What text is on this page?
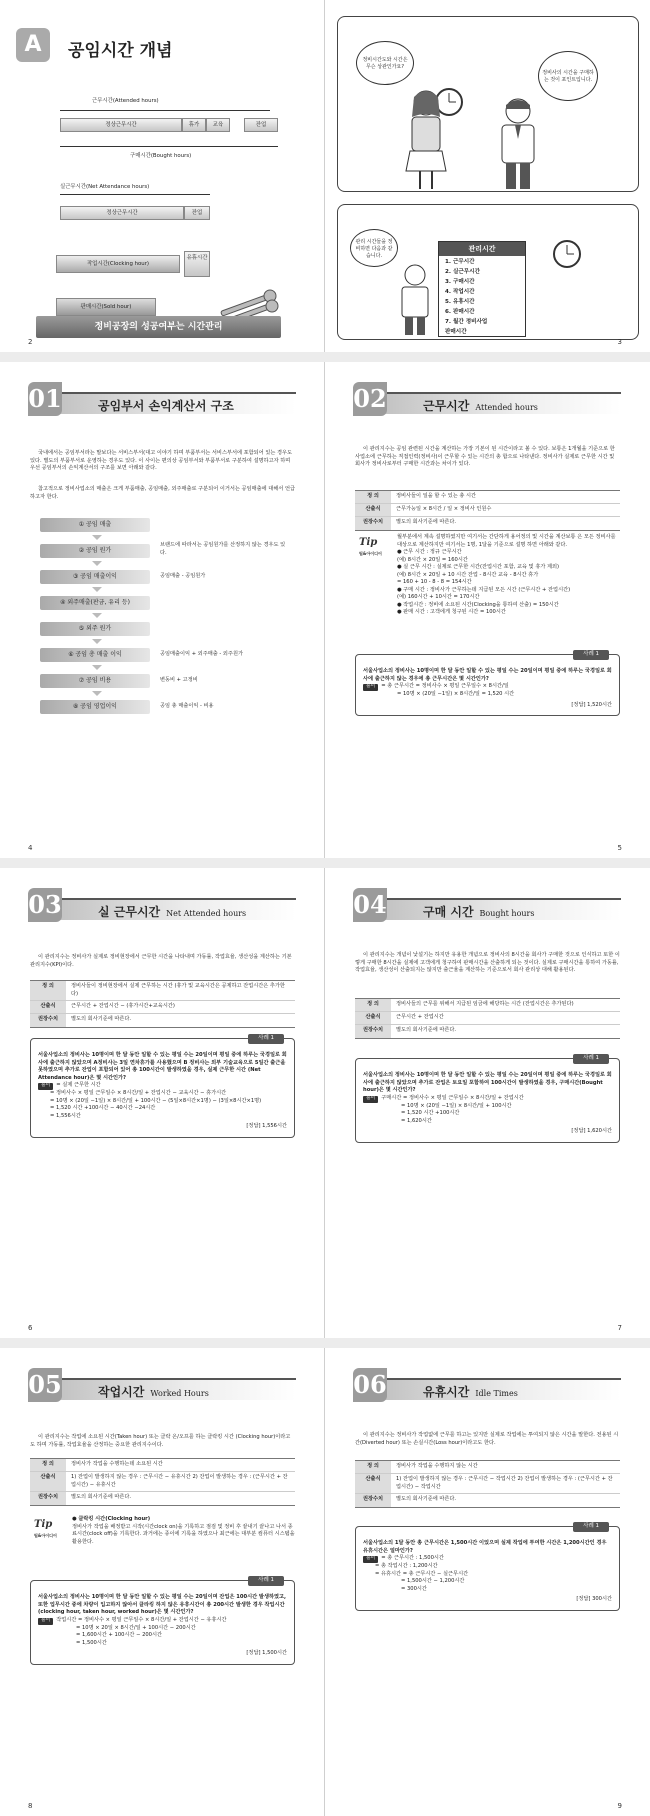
A	공임시간 개념
근무시간(Attended hours)
정상근무시간	휴가	교육	잔업
구매시간(Bought hours)
실근무시간(Net Attendance hours)
정상근무시간	잔업
작업시간(Clocking hour)
유휴시간
판매시간(Sold hour)
2
정비시간도와 시간은 무슨 상관인가요?
정비사의 시간을 구매하는 것이 포인트입니다.
관리 시간들을 정비하면 다음과 같습니다.
관리시간
1. 근무시간
2. 실근무시간
3. 구매시간
4. 작업시간
5. 유휴시간
6. 판매시간
7. 월간 정비사업
판매시간
3
정비공장의 성공여부는 시간관리
01	공임부서 손익계산서 구조
국내에서는 공임부서라는 말보다는 서비스부서(대고 이야기 하며 부품부서는 서비스부서에 포함되어 있는 경우도 있다. 별도의 부품부서로 운영하는 경우도 있다. 이 사이는 편의상 공임부서와 부품부서로 구분하여 설명하고자 하며 우선 공임부서의 손익계산서의 구조를 보면 아래와 같다.
참고적으로 정비사업소의 매출은 크게 부품매출, 공임매출, 외주매출로 구분되어 이거서는 공임매출에 대해서 언급하고자 한다.
① 공임 매출
② 공임 원가
브랜드에 따라서는 공임원가를 산정하지 않는 경우도 있다.
③ 공임 매출이익	공임매출 - 공임원가
④ 외주매출(판금, 유리 등)
⑤ 외주 원가
⑥ 공임 총 매출 이익	공임매출이익 + 외주매출 - 외주원가
⑦ 공임 비용	변동비 + 고정비
⑧ 공임 영업이익	공임 총 매출이익 - 비용
4
02	근무시간 Attended hours
이 관리지수는 공임 관련된 시간을 계산하는 가장 기본이 된 시간이라고 볼 수 있다. 보통은 1개월을 기준으로 한 사업소에 근무하는 직접인력(정비사)이 근무할 수 있는 시간의 총 합으로 나타낸다. 정비사가 실제로 근무한 시간 및 회사가 정비사로부터 구매한 시간과는 차이가 있다.
정 의	정비사들이 일을 할 수 있는 총 시간
산출식	근무가능일 × 8시간 / 일 × 정비사 인원수
권장수치	별도의 회사기준에 따른다.
Tip
팁&아이디어
월부분에서 계속 설명하였지만 여기서는 간단하게 용어정의 및 시간을 계산보통 은 모든 정비사를 대상으로 계산하지만 여기서는 1명, 1달을 기준으로 설명 하면 아래와 같다.
● 근무 시간 : 정규 근무시간
(예) 8시간 × 20일 = 160시간
● 실 근무 시간 : 실제로 근무한 시간(잔업시간 포함, 교육 및 휴가 제외)
(예) 8시간 × 20일 + 10 시간 잔업 - 8시간 교육 - 8시간 휴가
= 160 + 10 - 8 - 8 = 154시간
● 구매 시간 : 정비사가 근무하는데 지급된 모든 시간 (근무시간 + 잔업시간)
(예) 160시간 + 10시간 = 170시간
● 작업시간 : 정비에 소요된 시간(Clocking을 통하여 산출) = 150시간
● 판매 시간 : 고객에게 청구된 시간 = 100시간
사례 1
서울사업소의 정비사는 10명이며 한 달 동안 일할 수 있는 평일 수는 20일이며 평일 중에 하루는 국경일로 회사에 출근하지 않는 경우에 총 근무시간은 몇 시간인가?
풀이 = 총 근무시간 = 정비사수 × 평일 근무일수 × 8시간/일
= 10명 × (20일 −1일) × 8시간/일 = 1,520 시간
[정답] 1,520시간
5
03	실 근무시간 Net Attended hours
이 관리지수는 정비사가 실제로 정비현장에서 근무한 시간을 나타내며 가동률, 작업효율, 생산성을 계산하는 기본 관리지수(KPI)이다.
정 의	정비사들이 정비현장에서 실제 근무하는 시간 (휴가 및 교육시간은 공제하고 잔업시간은 추가한다)
산출식	근무시간 + 잔업시간 − (휴가시간+교육시간)
권장수치	별도의 회사기준에 따른다.
사례 1
서울사업소의 정비사는 10명이며 한 달 동안 일할 수 있는 평일 수는 20일이며 평일 중에 하루는 국경일로 회사에 출근하지 않았으며 A정비사는 3일 연차휴가를 사용했으며 B 정비사는 외부 기술교육으로 5일간 출근을 못하였으며 추가로 잔업이 포함되어 있어 총 100시간이 발생하였을 경우, 실제 근무한 시간 (Net Attendance hour)은 몇 시간인가?
풀이 = 실제 근무한 시간
= 정비사수 × 평일 근무일수 × 8시간/일 + 잔업시간 − 교육시간 − 휴가시간
= 10명 × (20일 −1일) × 8시간/일 + 100시간 − (5일×8시간×1명) − (3일×8시간×1명)
= 1,520 시간 +100시간 − 40시간 −24시간
= 1,556시간
[정답] 1,556시간
6
04	구매 시간 Bought hours
이 관리지수는 개념이 낯설기는 하지만 유용한 개념으로 정비사의 8시간을 회사가 구매한 것으로 인식하고 또한 이렇게 구매한 8시간을 실제에 고객에게 청구하여 판매시간을 산출하게 되는 것이다. 실제로 구매시간을 통하여 가동률, 작업효율, 생산성이 산출되지는 않지만 출근율을 계산하는 기준으로서 회사 관리상 대해 활용된다.
정 의	정비사들의 근무를 위해서 지급된 임금에 해당하는 시간 (잔업시간은 추가된다)
산출식	근무시간 + 잔업시간
권장수치	별도의 회사기준에 따른다.
사례 1
서울사업소의 정비사는 10명이며 한 달 동안 일할 수 있는 평일 수는 20일이며 평일 중에 하루는 국경일로 회사에 출근하지 않았으며 추가로 잔업은 토요일 포함하여 100시간이 발생하였을 경우, 구매시간(Bought hour)은 몇 시간인가?
풀이 구매시간 = 정비사수 × 평일 근무일수 × 8시간/일 + 잔업시간
= 10명 × (20일 −1일) × 8시간/일 + 100시간
= 1,520 시간 +100시간
= 1,620시간
[정답] 1,620시간
7
05	작업시간 Worked Hours
이 관리지수는 작업에 소요된 시간(Taken hour) 또는 클락 온/오프를 하는 클락킹 시간 (Clocking hour)이라고도 하며 가동률, 작업효율을 산정하는 중요한 관리지수이다.
정 의	정비사가 작업을 수행하는데 소요된 시간
산출식	1) 잔업이 발생하지 않는 경우 : 근무시간 − 유휴시간 2) 잔업이 발생하는 경우 : (근무시간 + 잔업시간) − 유휴시간
권장수치	별도의 회사기준에 따른다.
Tip
팁&아이디어
● 클락킹 시간(Clocking hour)
정비사가 작업을 배정받고 시작(시간clock on)을 기록하고 점검 및 정비 후 끝내기 끝나고 나서 종료시간(clock off)을 기록한다. 과거에는 종이에 기록을 하였으나 최근에는 대부분 컴퓨터 시스템을 활용한다.
사례 1
서울사업소의 정비사는 10명이며 한 달 동안 일할 수 있는 평일 수는 20일이며 잔업은 100시간 발생하였고, 또한 업무시간 중에 차량이 입고하지 않아서 클라킹 하지 않은 유휴시간이 총 200시간 발생한 경우 작업시간(clocking hour, taken hour, worked hour)은 몇 시간인가?
풀이 작업시간 = 정비사수 × 평일 근무일수 × 8시간/일 + 잔업시간 − 유휴시간
= 10명 × 20일 × 8시간/일 + 100시간 − 200시간
= 1,600시간 + 100시간 − 200시간
= 1,500시간
[정답] 1,500시간
8
06	유휴시간 Idle Times
이 관리지수는 정비사가 작업없에 근무를 하고는 있지만 실제로 작업에는 투여되지 않은 시간을 말한다. 전용된 시간(Diverted hour) 또는 손실시간(Loss hour)이라고도 한다.
정 의	정비사가 작업을 수행하지 않는 시간
산출식	1) 잔업이 발생하지 않는 경우 : 근무시간 − 작업시간 2) 잔업이 발생하는 경우 : (근무시간 + 잔업시간) − 작업시간
권장수치	별도의 회사기준에 따른다.
사례 1
서울사업소의 1달 동안 총 근무시간은 1,500시간 이었으며 실제 작업에 투여한 시간은 1,200시간인 경우 유휴시간은 얼마인가?
풀이 = 총 근무시간 : 1,500시간
= 총 작업시간 : 1,200시간
= 유휴시간 = 총 근무시간 − 실근무시간
= 1,500시간 − 1,200시간
= 300시간
[정답] 300시간
9
